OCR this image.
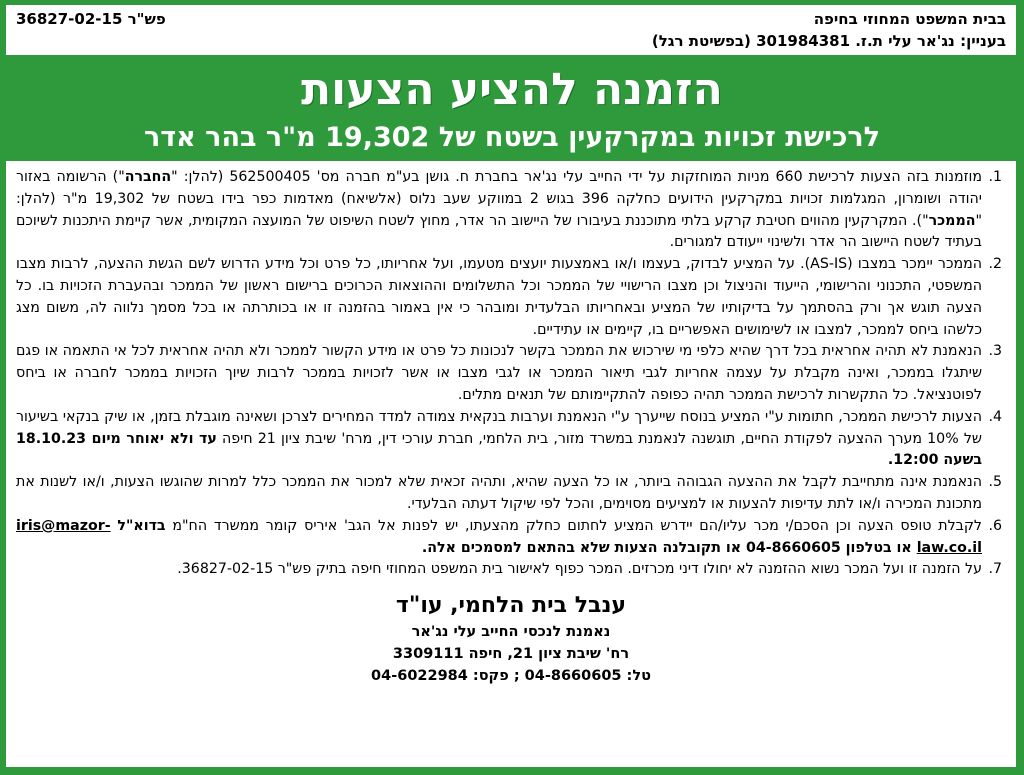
בבית המשפט המחוזי בחיפה
פש"ר 36827-02-15
בעניין: נג'אר עלי ת.ז. 301984381 (בפשיטת רגל)
הזמנה להציע הצעות
לרכישת זכויות במקרקעין בשטח של 19,302 מ"ר בהר אדר
1. מוזמנות בזה הצעות לרכישת 660 מניות המוחזקות על ידי החייב עלי נג'אר בחברת ח. גושן בע"מ חברה מס' 562500405 (להלן: "החברה") הרשומה באזור יהודה ושומרון, המגלמות זכויות במקרקעין הידועים כחלקה 396 בגוש 2 במווקע שעב נלוס (אלשיאח) מאדמות כפר בידו בשטח של 19,302 מ"ר (להלן: "הממכר"). המקרקעין מהווים חטיבת קרקע בלתי מתוכננת בעיבורו של היישוב הר אדר, מחוץ לשטח השיפוט של המועצה המקומית, אשר קיימת היתכנות לשיוכם בעתיד לשטח היישוב הר אדר ולשינוי ייעודם למגורים.
2. הממכר יימכר במצבו (AS-IS). על המציע לבדוק, בעצמו ו/או באמצעות יועצים מטעמו, ועל אחריותו, כל פרט וכל מידע הדרוש לשם הגשת ההצעה, לרבות מצבו המשפטי, התכנוני והרישומי, הייעוד והניצול וכן מצבו הרישויי של הממכר וכל התשלומים וההוצאות הכרוכים ברישום ראשון של הממכר ובהעברת הזכויות בו. כל הצעה תוגש אך ורק בהסתמך על בדיקותיו של המציע ובאחריותו הבלעדית ומובהר כי אין באמור בהזמנה זו או בכותרתה או בכל מסמך נלווה לה, משום מצג כלשהו ביחס לממכר, למצבו או לשימושים האפשריים בו, קיימים או עתידיים.
3. הנאמנת לא תהיה אחראית בכל דרך שהיא כלפי מי שירכוש את הממכר בקשר לנכונות כל פרט או מידע הקשור לממכר ולא תהיה אחראית לכל אי התאמה או פגם שיתגלו בממכר, ואינה מקבלת על עצמה אחריות לגבי תיאור הממכר או לגבי מצבו או אשר לזכויות בממכר לרבות שיוך הזכויות בממכר לחברה או ביחס לפוטנציאל. כל התקשרות לרכישת הממכר תהיה כפופה להתקיימותם של תנאים מתלים.
4. הצעות לרכישת הממכר, חתומות ע"י המציע בנוסח שייערך ע"י הנאמנת וערבות בנקאית צמודה למדד המחירים לצרכן ושאינה מוגבלת בזמן, או שיק בנקאי בשיעור של 10% מערך ההצעה לפקודת החיים, תוגשנה לנאמנת במשרד מזור, בית הלחמי, חברת עורכי דין, מרח' שיבת ציון 21 חיפה עד ולא יאוחר מיום 18.10.23 בשעה 12:00.
5. הנאמנת אינה מתחייבת לקבל את ההצעה הגבוהה ביותר, או כל הצעה שהיא, ותהיה זכאית שלא למכור את הממכר כלל למרות שהוגשו הצעות, ו/או לשנות את מתכונת המכירה ו/או לתת עדיפות להצעות או למציעים מסוימים, והכל לפי שיקול דעתה הבלעדי.
6. לקבלת טופס הצעה וכן הסכם/י מכר עליו/הם יידרש המציע לחתום כחלק מהצעתו, יש לפנות אל הגב' איריס קומר ממשרד הח"מ בדוא"ל iris@mazor-law.co.il או בטלפון 04-8660605 או תקובלנה הצעות שלא בהתאם למסמכים אלה.
7. על הזמנה זו ועל המכר נשוא ההזמנה לא יחולו דיני מכרזים. המכר כפוף לאישור בית המשפט המחוזי חיפה בתיק פש"ר 36827-02-15.
ענבל בית הלחמי, עו"ד
נאמנת לנכסי החייב עלי נג'אר
רח' שיבת ציון 21, חיפה 3309111
טל: 04-8660605 ; פקס: 04-6022984
